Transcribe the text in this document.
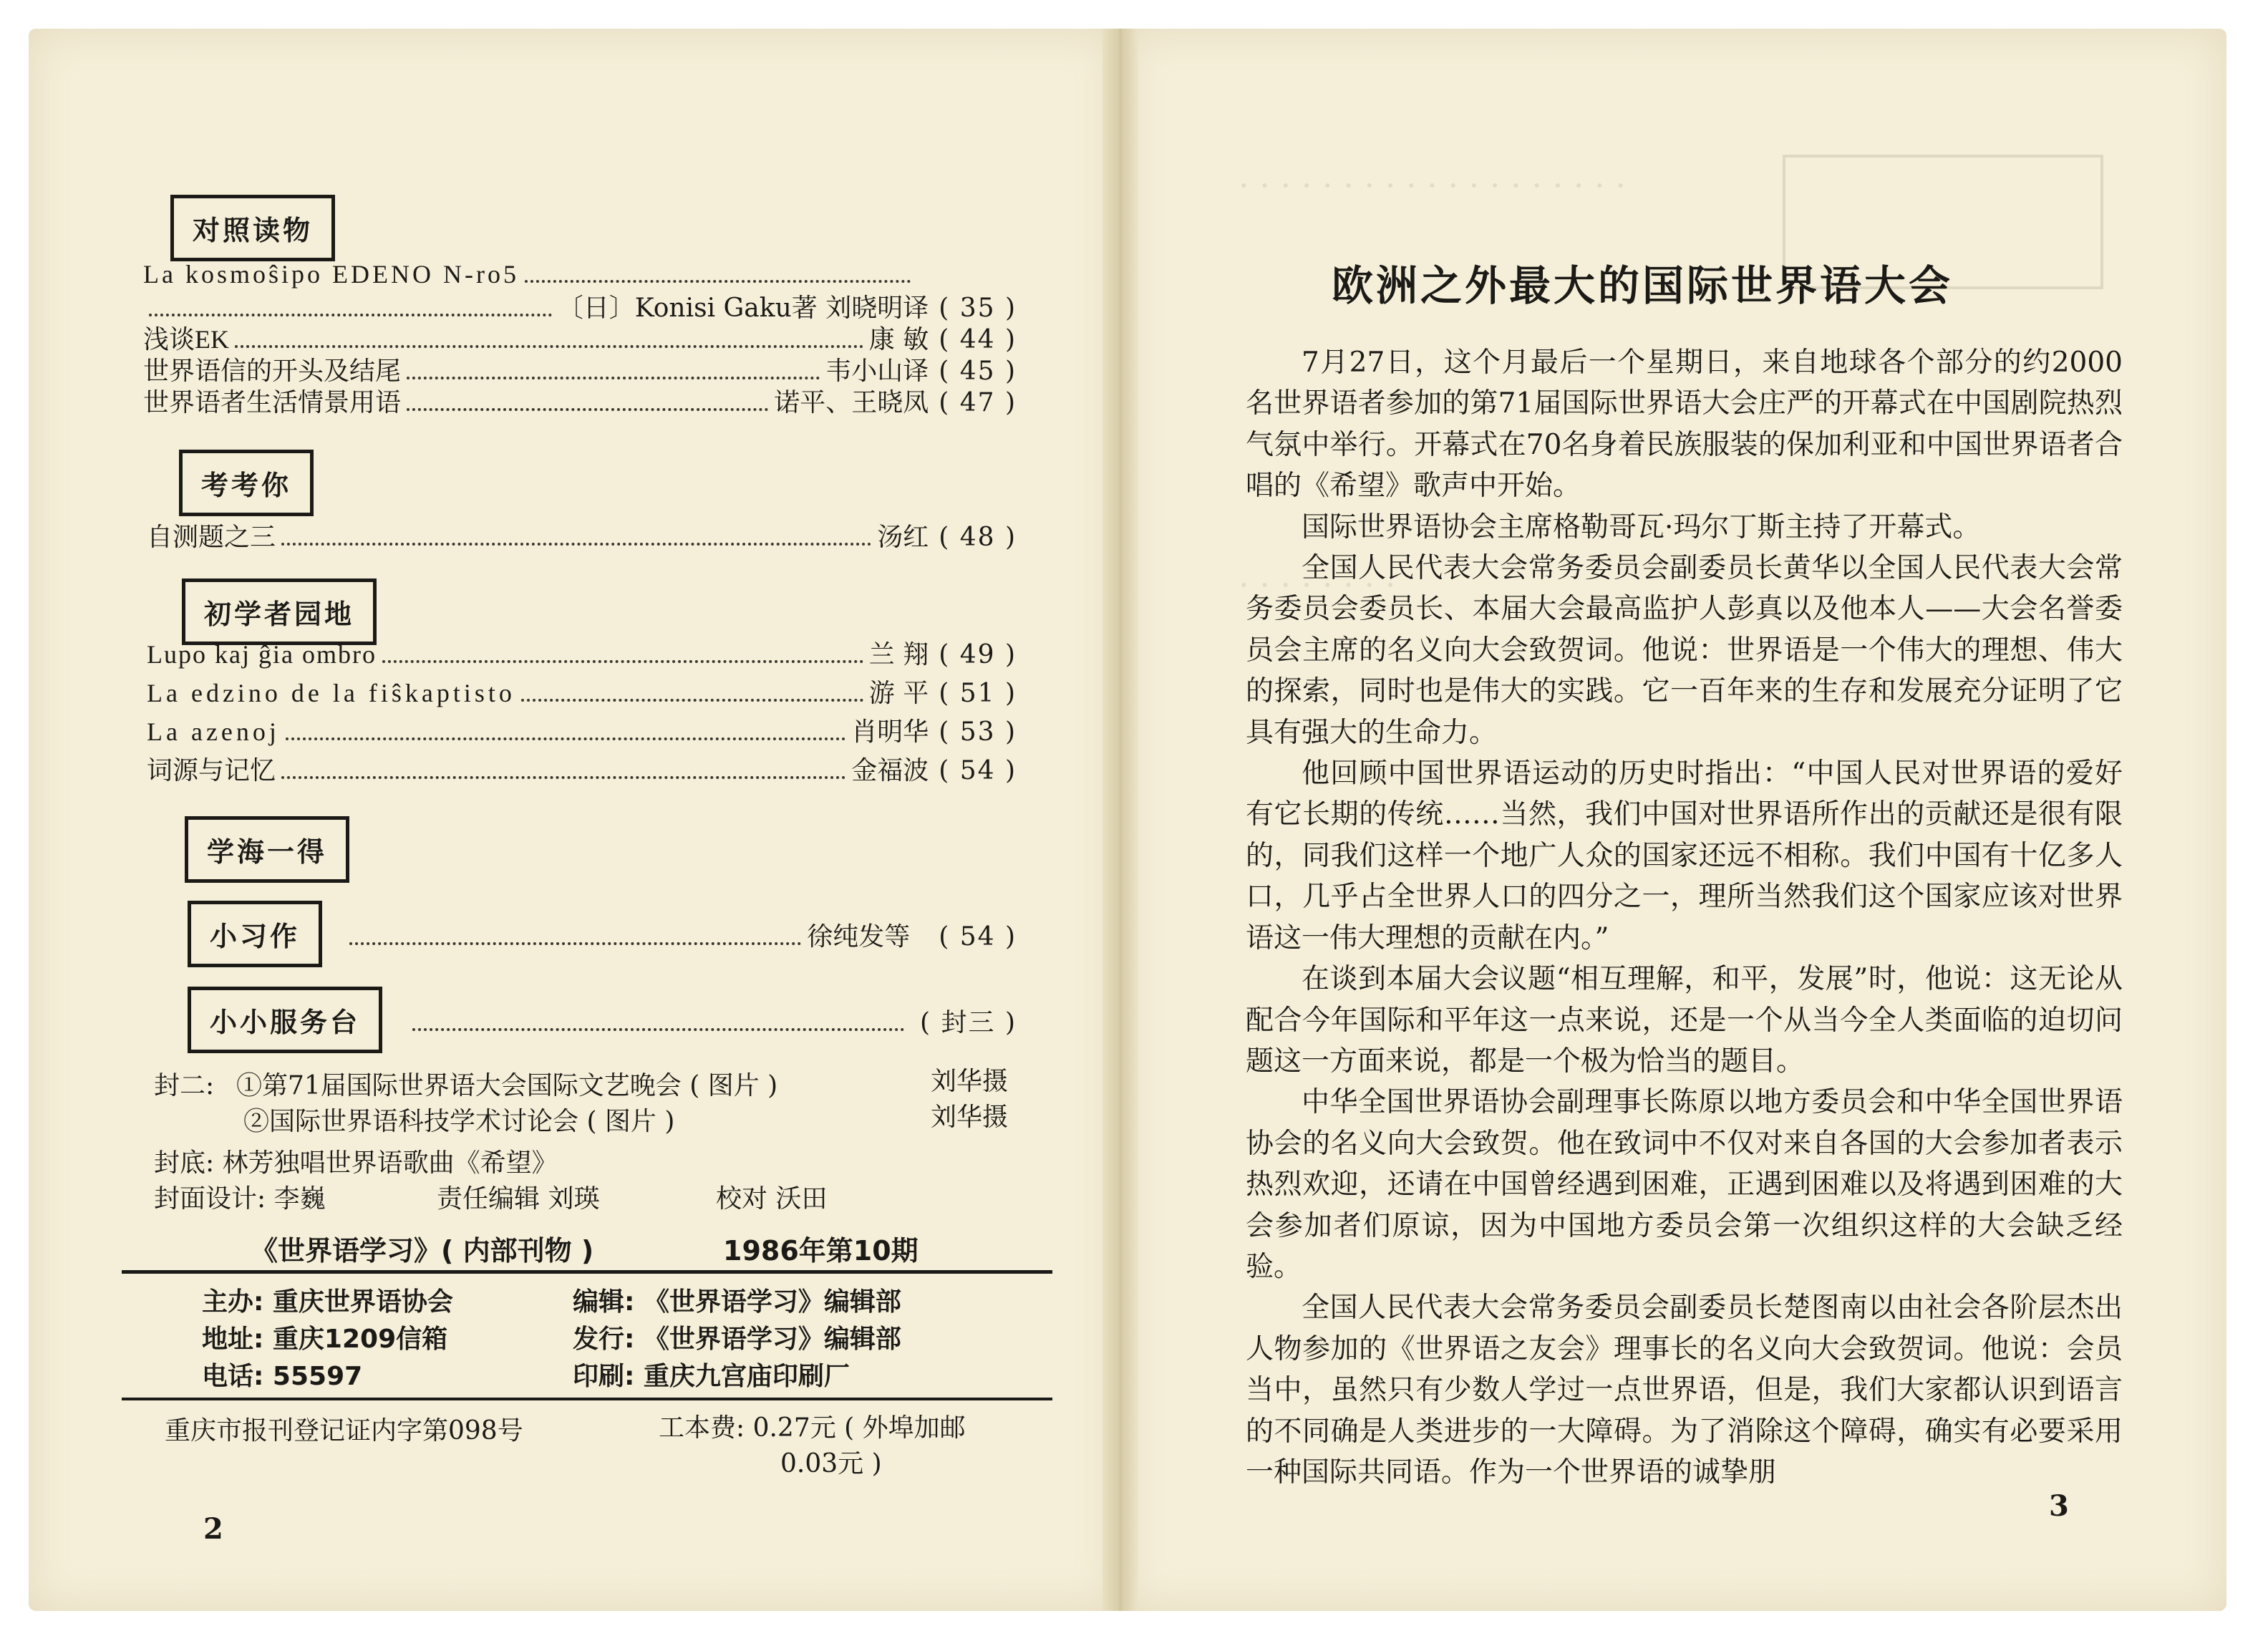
对照读物
La kosmoŝipo EDENO N-ro5
〔日〕Konisi Gaku著 刘晓明译 ( 35 )
浅谈EK	康 敏 ( 44 )
世界语信的开头及结尾	韦小山译 ( 45 )
世界语者生活情景用语	诺平、王晓凤 ( 47 )
考考你
自测题之三	汤红 ( 48 )
初学者园地
Lupo kaj ĝia ombro	兰 翔 ( 49 )
La edzino de la fiŝkaptisto	游 平 ( 51 )
La azenoj	肖明华 ( 53 )
词源与记忆	金福波 ( 54 )
学海一得
小习作	徐纯发等 ( 54 )
小小服务台	( 封三 )
封二: ①第71届国际世界语大会国际文艺晚会 ( 图片 )	刘华摄
②国际世界语科技学术讨论会 ( 图片 )	刘华摄
封底: 林芳独唱世界语歌曲《希望》
封面设计: 李巍	责任编辑 刘瑛	校对 沃田
《世界语学习》( 内部刊物 )	1986年第10期
主办: 重庆世界语协会	编辑: 《世界语学习》编辑部
地址: 重庆1209信箱	发行: 《世界语学习》编辑部
电话: 55597	印刷: 重庆九宫庙印刷厂
重庆市报刊登记证内字第098号	工本费: 0.27元 ( 外埠加邮
0.03元 )
2
· · · · · · · · · · · · · · · · · · ·
· · · · · · · ·
欧洲之外最大的国际世界语大会

7月27日，这个月最后一个星期日，来自地球各个部分的约2000名世界语者参加的第71届国际世界语大会庄严的开幕式在中国剧院热烈气氛中举行。开幕式在70名身着民族服装的保加利亚和中国世界语者合唱的《希望》歌声中开始。

国际世界语协会主席格勒哥瓦·玛尔丁斯主持了开幕式。

全国人民代表大会常务委员会副委员长黄华以全国人民代表大会常务委员会委员长、本届大会最高监护人彭真以及他本人——大会名誉委员会主席的名义向大会致贺词。他说：世界语是一个伟大的理想、伟大的探索，同时也是伟大的实践。它一百年来的生存和发展充分证明了它具有强大的生命力。

他回顾中国世界语运动的历史时指出：“中国人民对世界语的爱好有它长期的传统……当然，我们中国对世界语所作出的贡献还是很有限的，同我们这样一个地广人众的国家还远不相称。我们中国有十亿多人口，几乎占全世界人口的四分之一，理所当然我们这个国家应该对世界语这一伟大理想的贡献在内。”

在谈到本届大会议题“相互理解，和平，发展”时，他说：这无论从配合今年国际和平年这一点来说，还是一个从当今全人类面临的迫切问题这一方面来说，都是一个极为恰当的题目。

中华全国世界语协会副理事长陈原以地方委员会和中华全国世界语协会的名义向大会致贺。他在致词中不仅对来自各国的大会参加者表示热烈欢迎，还请在中国曾经遇到困难，正遇到困难以及将遇到困难的大会参加者们原谅，因为中国地方委员会第一次组织这样的大会缺乏经验。

全国人民代表大会常务委员会副委员长楚图南以由社会各阶层杰出人物参加的《世界语之友会》理事长的名义向大会致贺词。他说：会员当中，虽然只有少数人学过一点世界语，但是，我们大家都认识到语言的不同确是人类进步的一大障碍。为了消除这个障碍，确实有必要采用一种国际共同语。作为一个世界语的诚挚朋

3
